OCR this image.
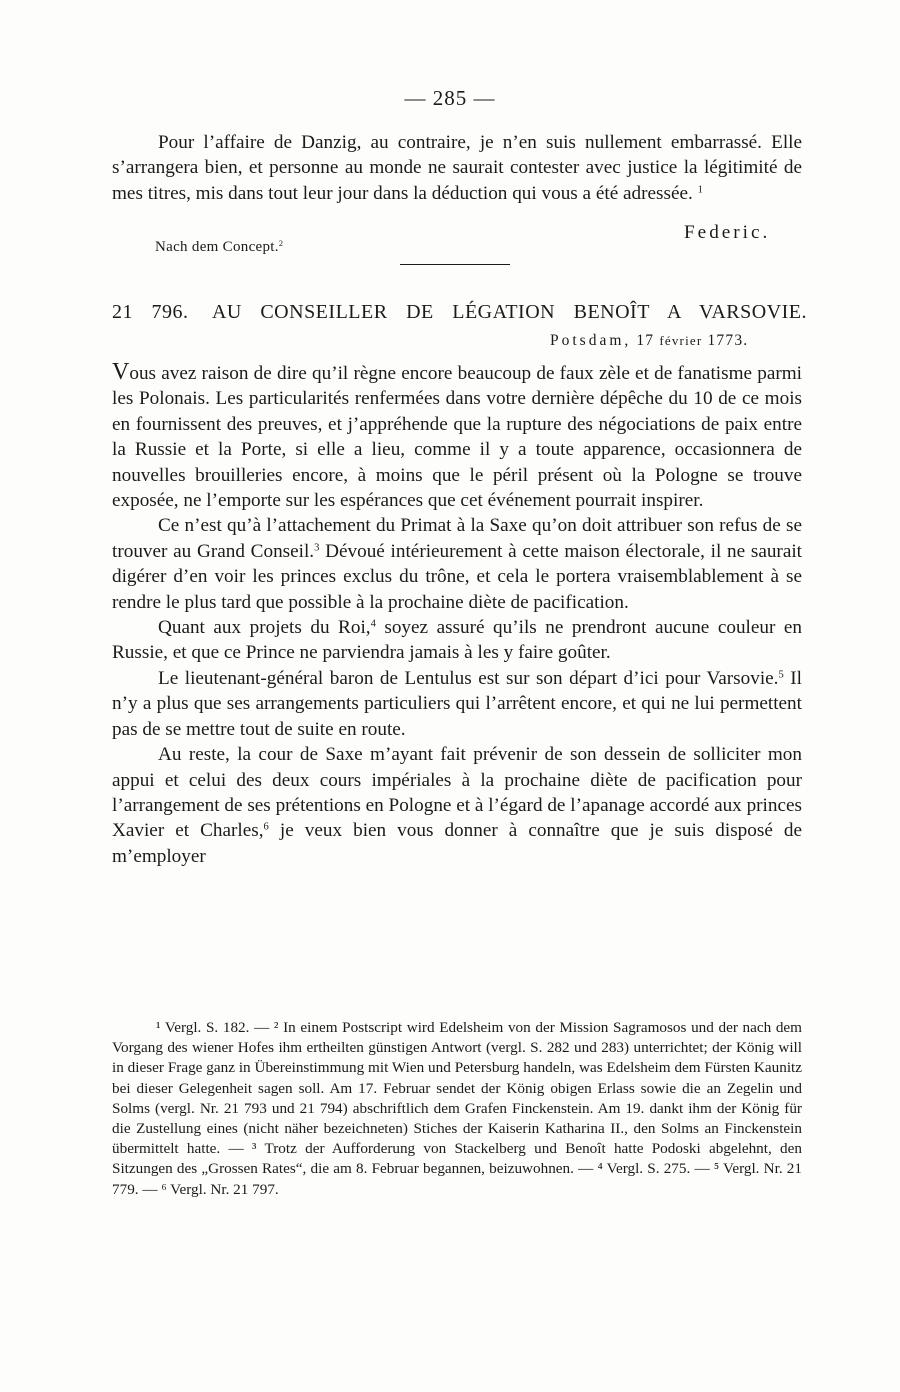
— 285 —

Pour l’affaire de Danzig, au contraire, je n’en suis nullement embarrassé. Elle s’arrangera bien, et personne au monde ne saurait contester avec justice la légitimité de mes titres, mis dans tout leur jour dans la déduction qui vous a été adressée. $^1$

Federic.
Nach dem Concept.$^2$
21 796. AU CONSEILLER DE LÉGATION BENOÎT A VARSOVIE.
Potsdam, 17 février 1773.

Vous avez raison de dire qu’il règne encore beaucoup de faux zèle et de fanatisme parmi les Polonais. Les particularités renfermées dans votre dernière dépêche du 10 de ce mois en fournissent des preuves, et j’appréhende que la rupture des négociations de paix entre la Russie et la Porte, si elle a lieu, comme il y a toute apparence, occasionnera de nouvelles brouilleries encore, à moins que le péril présent où la Pologne se trouve exposée, ne l’emporte sur les espérances que cet événement pourrait inspirer.

Ce n’est qu’à l’attachement du Primat à la Saxe qu’on doit attribuer son refus de se trouver au Grand Conseil.$^3$ Dévoué intérieurement à cette maison électorale, il ne saurait digérer d’en voir les princes exclus du trône, et cela le portera vraisemblablement à se rendre le plus tard que possible à la prochaine diète de pacification.

Quant aux projets du Roi,$^4$ soyez assuré qu’ils ne prendront aucune couleur en Russie, et que ce Prince ne parviendra jamais à les y faire goûter.

Le lieutenant-général baron de Lentulus est sur son départ d’ici pour Varsovie.$^5$ Il n’y a plus que ses arrangements particuliers qui l’arrêtent encore, et qui ne lui permettent pas de se mettre tout de suite en route.

Au reste, la cour de Saxe m’ayant fait prévenir de son dessein de solliciter mon appui et celui des deux cours impériales à la prochaine diète de pacification pour l’arrangement de ses prétentions en Pologne et à l’égard de l’apanage accordé aux princes Xavier et Charles,$^6$ je veux bien vous donner à connaître que je suis disposé de m’employer

¹ Vergl. S. 182. — ² In einem Postscript wird Edelsheim von der Mission Sagramosos und der nach dem Vorgang des wiener Hofes ihm ertheilten günstigen Antwort (vergl. S. 282 und 283) unterrichtet; der König will in dieser Frage ganz in Übereinstimmung mit Wien und Petersburg handeln, was Edelsheim dem Fürsten Kaunitz bei dieser Gelegenheit sagen soll. Am 17. Februar sendet der König obigen Erlass sowie die an Zegelin und Solms (vergl. Nr. 21 793 und 21 794) abschriftlich dem Grafen Finckenstein. Am 19. dankt ihm der König für die Zustellung eines (nicht näher bezeichneten) Stiches der Kaiserin Katharina II., den Solms an Finckenstein übermittelt hatte. — ³ Trotz der Aufforderung von Stackelberg und Benoît hatte Podoski abgelehnt, den Sitzungen des „Grossen Rates“, die am 8. Februar begannen, beizuwohnen. — ⁴ Vergl. S. 275. — ⁵ Vergl. Nr. 21 779. — ⁶ Vergl. Nr. 21 797.
